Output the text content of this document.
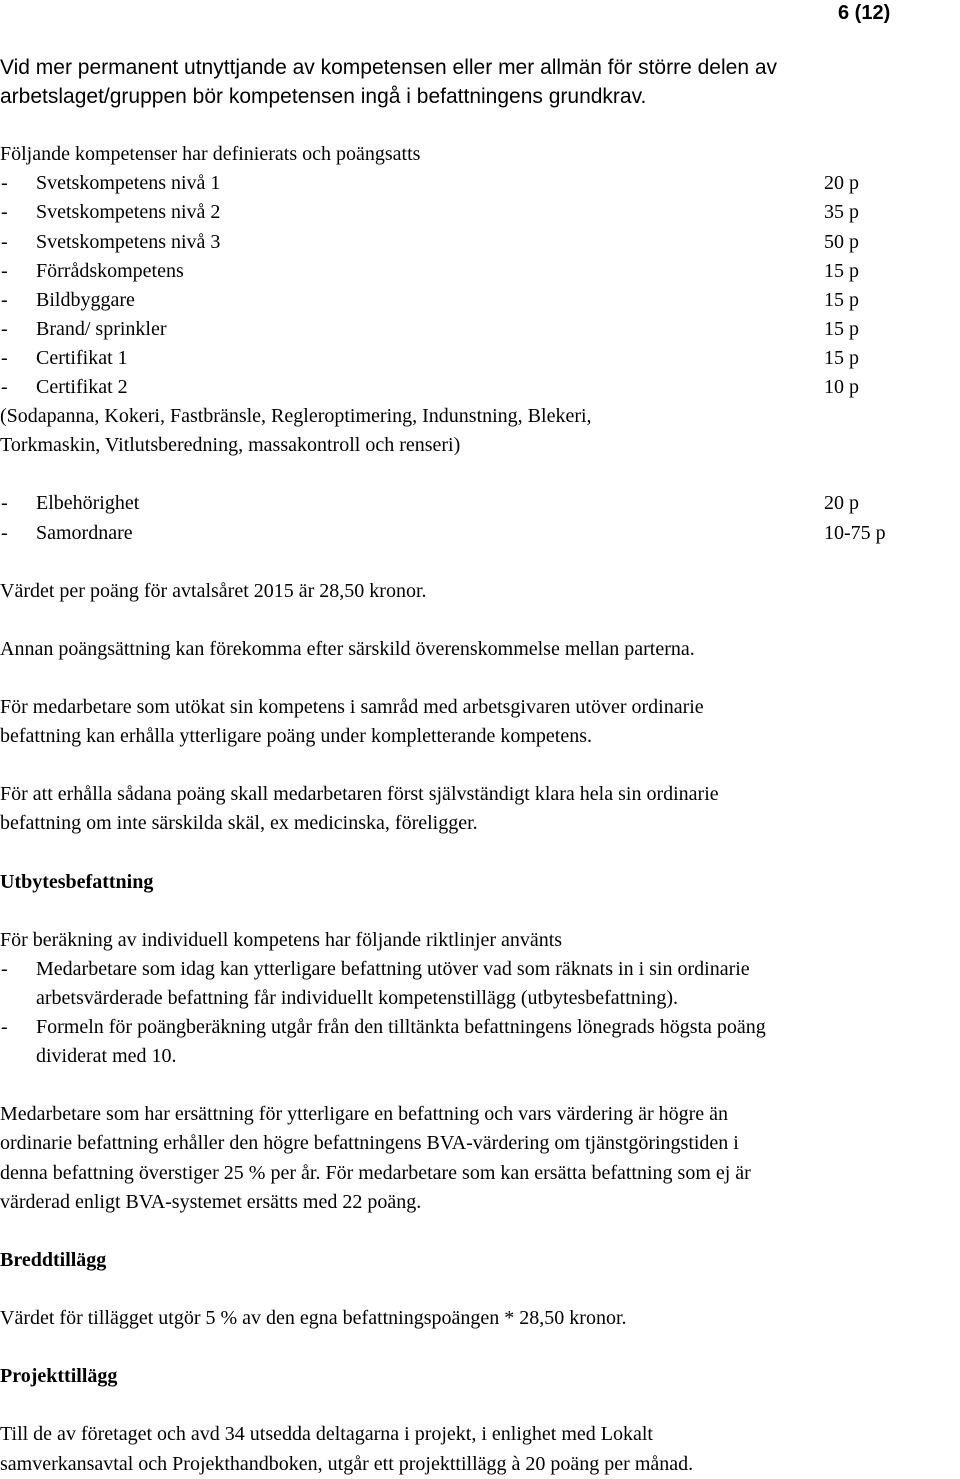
6 (12)
Vid mer permanent utnyttjande av kompetensen eller mer allmän för större delen av
arbetslaget/gruppen bör kompetensen ingå i befattningens grundkrav.
Följande kompetenser har definierats och poängsatts
- Svetskompetens nivå 1	20 p
- Svetskompetens nivå 2	35 p
- Svetskompetens nivå 3	50 p
- Förrådskompetens	15 p
- Bildbyggare	15 p
- Brand/ sprinkler	15 p
- Certifikat 1	15 p
- Certifikat 2	10 p
(Sodapanna, Kokeri, Fastbränsle, Regleroptimering, Indunstning, Blekeri,
Torkmaskin, Vitlutsberedning, massakontroll och renseri)
- Elbehörighet	20 p
- Samordnare	10-75 p
Värdet per poäng för avtalsåret 2015 är 28,50 kronor.
Annan poängsättning kan förekomma efter särskild överenskommelse mellan parterna.
För medarbetare som utökat sin kompetens i samråd med arbetsgivaren utöver ordinarie
befattning kan erhålla ytterligare poäng under kompletterande kompetens.
För att erhålla sådana poäng skall medarbetaren först självständigt klara hela sin ordinarie
befattning om inte särskilda skäl, ex medicinska, föreligger.
Utbytesbefattning
För beräkning av individuell kompetens har följande riktlinjer använts
- Medarbetare som idag kan ytterligare befattning utöver vad som räknats in i sin ordinarie
arbetsvärderade befattning får individuellt kompetenstillägg (utbytesbefattning).
- Formeln för poängberäkning utgår från den tilltänkta befattningens lönegrads högsta poäng
dividerat med 10.
Medarbetare som har ersättning för ytterligare en befattning och vars värdering är högre än
ordinarie befattning erhåller den högre befattningens BVA-värdering om tjänstgöringstiden i
denna befattning överstiger 25 % per år. För medarbetare som kan ersätta befattning som ej är
värderad enligt BVA-systemet ersätts med 22 poäng.
Breddtillägg
Värdet för tillägget utgör 5 % av den egna befattningspoängen * 28,50 kronor.
Projekttillägg
Till de av företaget och avd 34 utsedda deltagarna i projekt, i enlighet med Lokalt
samverkansavtal och Projekthandboken, utgår ett projekttillägg à 20 poäng per månad.
